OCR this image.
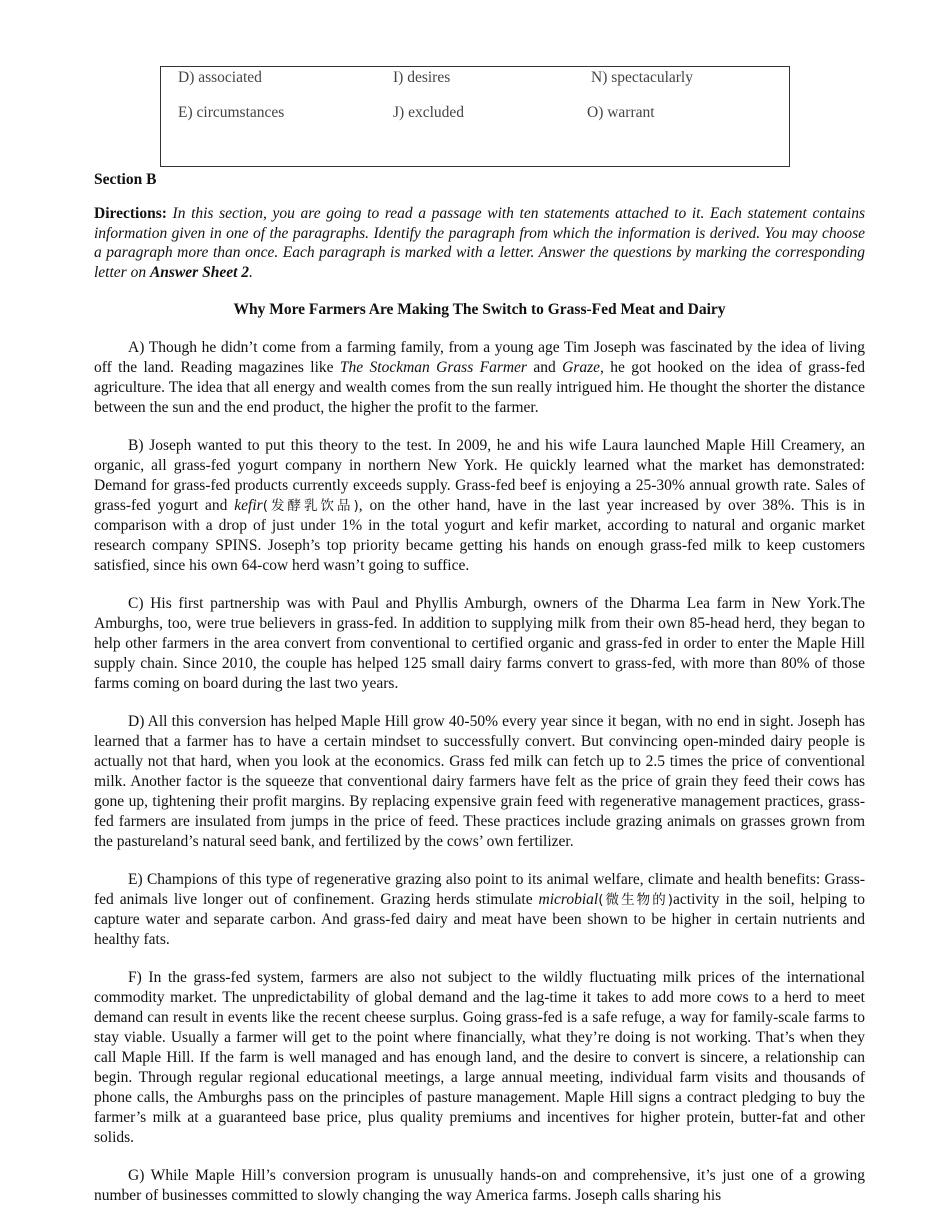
D) associated	I) desires	N) spectacularly
E) circumstances	J) excluded	O) warrant

Section B

Directions: In this section, you are going to read a passage with ten statements attached to it. Each statement contains information given in one of the paragraphs. Identify the paragraph from which the information is derived. You may choose a paragraph more than once. Each paragraph is marked with a letter. Answer the questions by marking the corresponding letter on Answer Sheet 2.

Why More Farmers Are Making The Switch to Grass-Fed Meat and Dairy

A) Though he didn’t come from a farming family, from a young age Tim Joseph was fascinated by the idea of living off the land. Reading magazines like The Stockman Grass Farmer and Graze, he got hooked on the idea of grass-fed agriculture. The idea that all energy and wealth comes from the sun really intrigued him. He thought the shorter the distance between the sun and the end product, the higher the profit to the farmer.

B) Joseph wanted to put this theory to the test. In 2009, he and his wife Laura launched Maple Hill Creamery, an organic, all grass-fed yogurt company in northern New York. He quickly learned what the market has demonstrated: Demand for grass-fed products currently exceeds supply. Grass-fed beef is enjoying a 25-30% annual growth rate. Sales of grass-fed yogurt and kefir(发酵乳饮品), on the other hand, have in the last year increased by over 38%. This is in comparison with a drop of just under 1% in the total yogurt and kefir market, according to natural and organic market research company SPINS. Joseph’s top priority became getting his hands on enough grass-fed milk to keep customers satisfied, since his own 64-cow herd wasn’t going to suffice.

C) His first partnership was with Paul and Phyllis Amburgh, owners of the Dharma Lea farm in New York.The Amburghs, too, were true believers in grass-fed. In addition to supplying milk from their own 85-head herd, they began to help other farmers in the area convert from conventional to certified organic and grass-fed in order to enter the Maple Hill supply chain. Since 2010, the couple has helped 125 small dairy farms convert to grass-fed, with more than 80% of those farms coming on board during the last two years.

D) All this conversion has helped Maple Hill grow 40-50% every year since it began, with no end in sight. Joseph has learned that a farmer has to have a certain mindset to successfully convert. But convincing open-minded dairy people is actually not that hard, when you look at the economics. Grass fed milk can fetch up to 2.5 times the price of conventional milk. Another factor is the squeeze that conventional dairy farmers have felt as the price of grain they feed their cows has gone up, tightening their profit margins. By replacing expensive grain feed with regenerative management practices, grass-fed farmers are insulated from jumps in the price of feed. These practices include grazing animals on grasses grown from the pastureland’s natural seed bank, and fertilized by the cows’ own fertilizer.

E) Champions of this type of regenerative grazing also point to its animal welfare, climate and health benefits: Grass-fed animals live longer out of confinement. Grazing herds stimulate microbial(微生物的)activity in the soil, helping to capture water and separate carbon. And grass-fed dairy and meat have been shown to be higher in certain nutrients and healthy fats.

F) In the grass-fed system, farmers are also not subject to the wildly fluctuating milk prices of the international commodity market. The unpredictability of global demand and the lag-time it takes to add more cows to a herd to meet demand can result in events like the recent cheese surplus. Going grass-fed is a safe refuge, a way for family-scale farms to stay viable. Usually a farmer will get to the point where financially, what they’re doing is not working. That’s when they call Maple Hill. If the farm is well managed and has enough land, and the desire to convert is sincere, a relationship can begin. Through regular regional educational meetings, a large annual meeting, individual farm visits and thousands of phone calls, the Amburghs pass on the principles of pasture management. Maple Hill signs a contract pledging to buy the farmer’s milk at a guaranteed base price, plus quality premiums and incentives for higher protein, butter-fat and other solids.

G) While Maple Hill’s conversion program is unusually hands-on and comprehensive, it’s just one of a growing number of businesses committed to slowly changing the way America farms. Joseph calls sharing his
